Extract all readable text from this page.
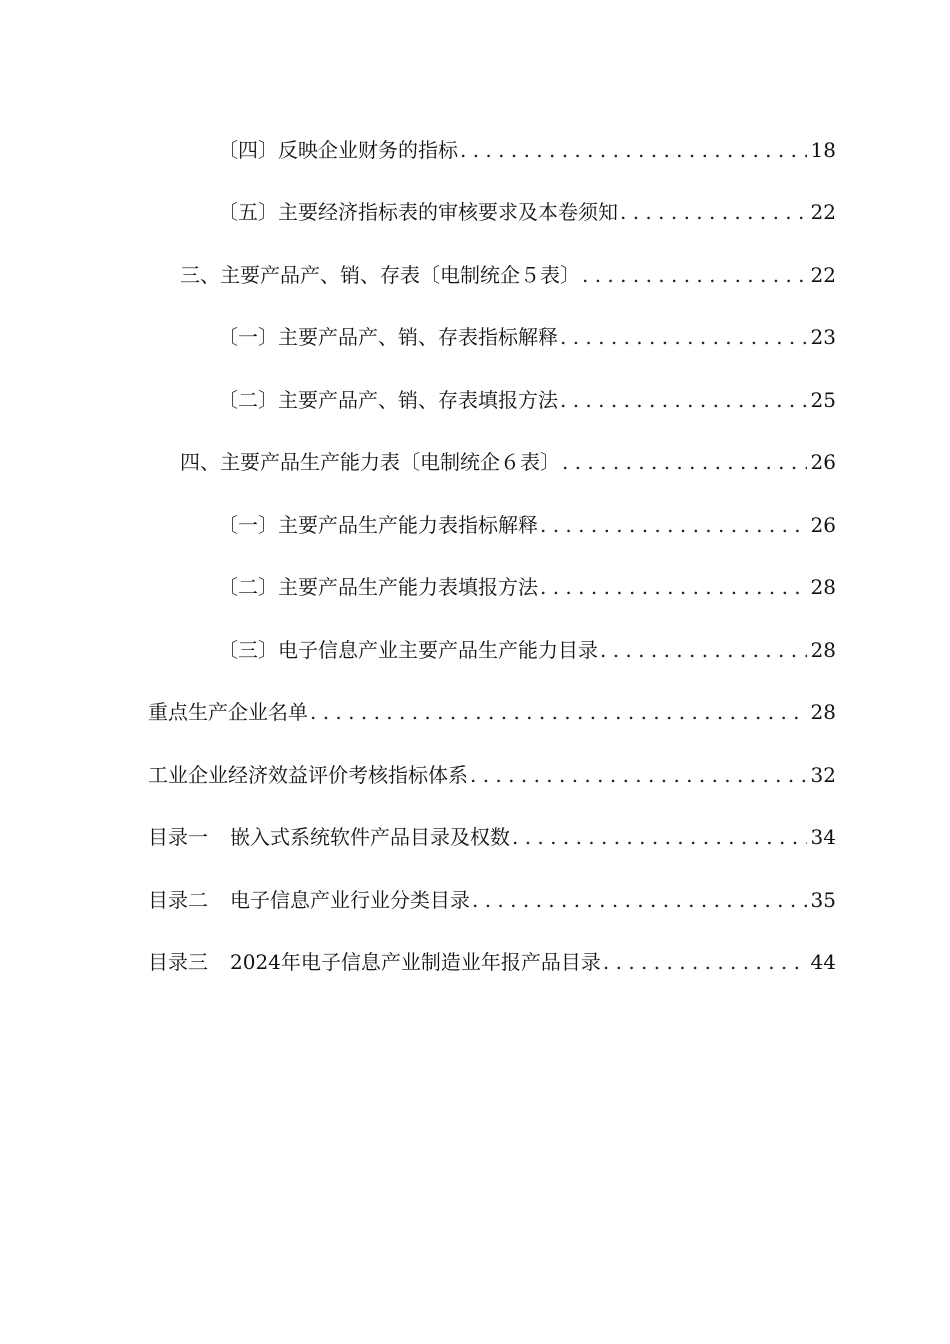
〔四〕反映企业财务的指标 . . .	18
〔五〕主要经济指标表的审核要求及本卷须知 . . .	22
三、主要产品产、销、存表〔电制统企５表〕 . . .	22
〔一〕主要产品产、销、存表指标解释 . . .	23
〔二〕主要产品产、销、存表填报方法 . . .	25
四、主要产品生产能力表〔电制统企６表〕 . . .	26
〔一〕主要产品生产能力表指标解释 . . .	26
〔二〕主要产品生产能力表填报方法 . . .	28
〔三〕电子信息产业主要产品生产能力目录 . . .	28
重点生产企业名单 . . .	28
工业企业经济效益评价考核指标体系 . . .	32
目录一 嵌入式系统软件产品目录及权数 . . .	34
目录二 电子信息产业行业分类目录 . . .	35
目录三 2024年电子信息产业制造业年报产品目录 . . .	44
